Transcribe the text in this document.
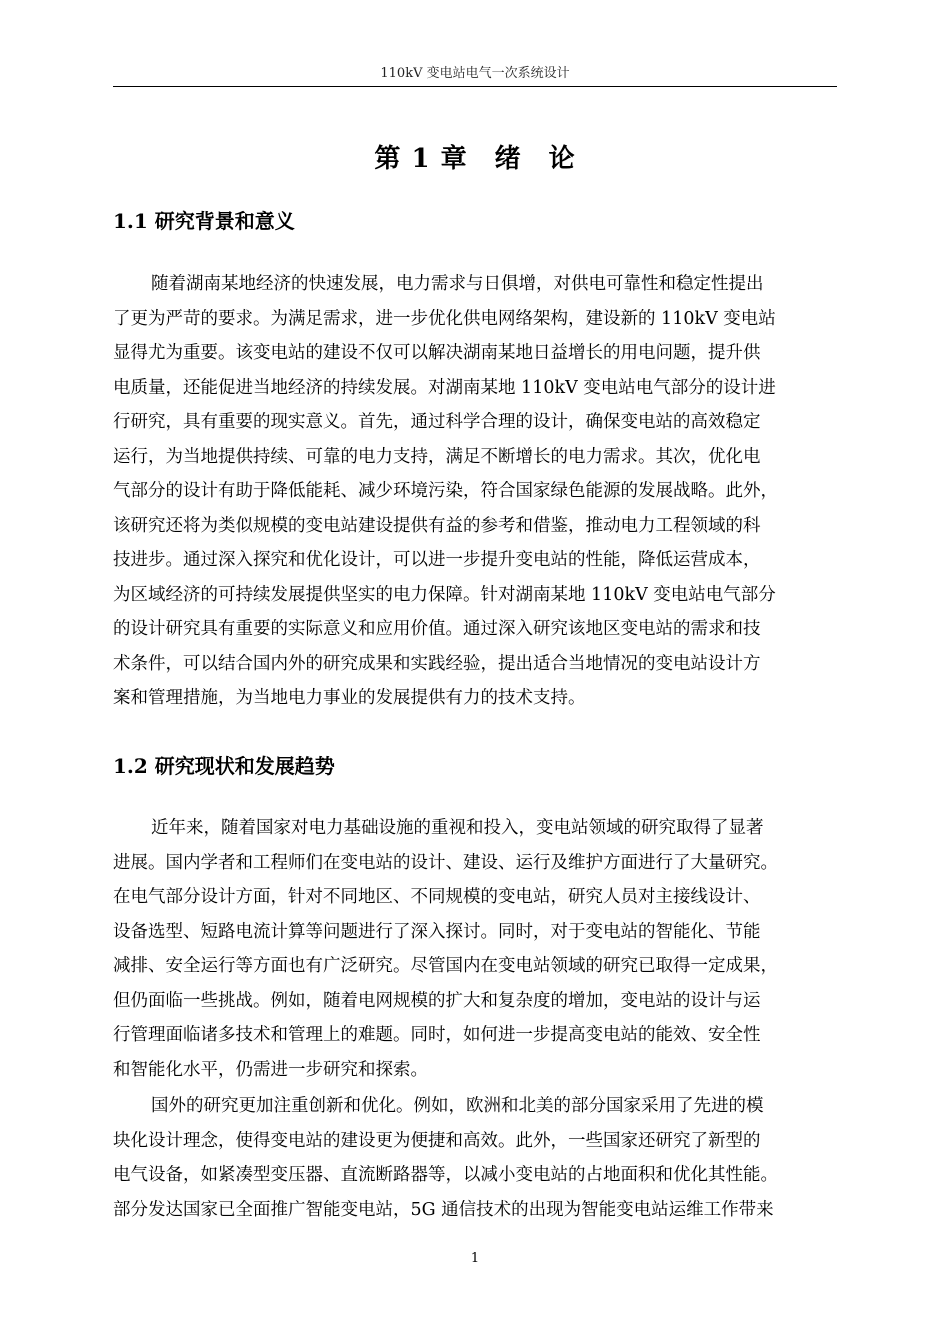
110kV 变电站电气一次系统设计
第 1 章　绪　论
1.1 研究背景和意义
随着湖南某地经济的快速发展，电力需求与日俱增，对供电可靠性和稳定性提出
了更为严苛的要求。为满足需求，进一步优化供电网络架构，建设新的 110kV 变电站
显得尤为重要。该变电站的建设不仅可以解决湖南某地日益增长的用电问题，提升供
电质量，还能促进当地经济的持续发展。对湖南某地 110kV 变电站电气部分的设计进
行研究，具有重要的现实意义。首先，通过科学合理的设计，确保变电站的高效稳定
运行，为当地提供持续、可靠的电力支持，满足不断增长的电力需求。其次，优化电
气部分的设计有助于降低能耗、减少环境污染，符合国家绿色能源的发展战略。此外，
该研究还将为类似规模的变电站建设提供有益的参考和借鉴，推动电力工程领域的科
技进步。通过深入探究和优化设计，可以进一步提升变电站的性能，降低运营成本，
为区域经济的可持续发展提供坚实的电力保障。针对湖南某地 110kV 变电站电气部分
的设计研究具有重要的实际意义和应用价值。通过深入研究该地区变电站的需求和技
术条件，可以结合国内外的研究成果和实践经验，提出适合当地情况的变电站设计方
案和管理措施，为当地电力事业的发展提供有力的技术支持。
1.2 研究现状和发展趋势
近年来，随着国家对电力基础设施的重视和投入，变电站领域的研究取得了显著
进展。国内学者和工程师们在变电站的设计、建设、运行及维护方面进行了大量研究。
在电气部分设计方面，针对不同地区、不同规模的变电站，研究人员对主接线设计、
设备选型、短路电流计算等问题进行了深入探讨。同时，对于变电站的智能化、节能
减排、安全运行等方面也有广泛研究。尽管国内在变电站领域的研究已取得一定成果，
但仍面临一些挑战。例如，随着电网规模的扩大和复杂度的增加，变电站的设计与运
行管理面临诸多技术和管理上的难题。同时，如何进一步提高变电站的能效、安全性
和智能化水平，仍需进一步研究和探索。
国外的研究更加注重创新和优化。例如，欧洲和北美的部分国家采用了先进的模
块化设计理念，使得变电站的建设更为便捷和高效。此外，一些国家还研究了新型的
电气设备，如紧凑型变压器、直流断路器等，以减小变电站的占地面积和优化其性能。
部分发达国家已全面推广智能变电站，5G 通信技术的出现为智能变电站运维工作带来
1
